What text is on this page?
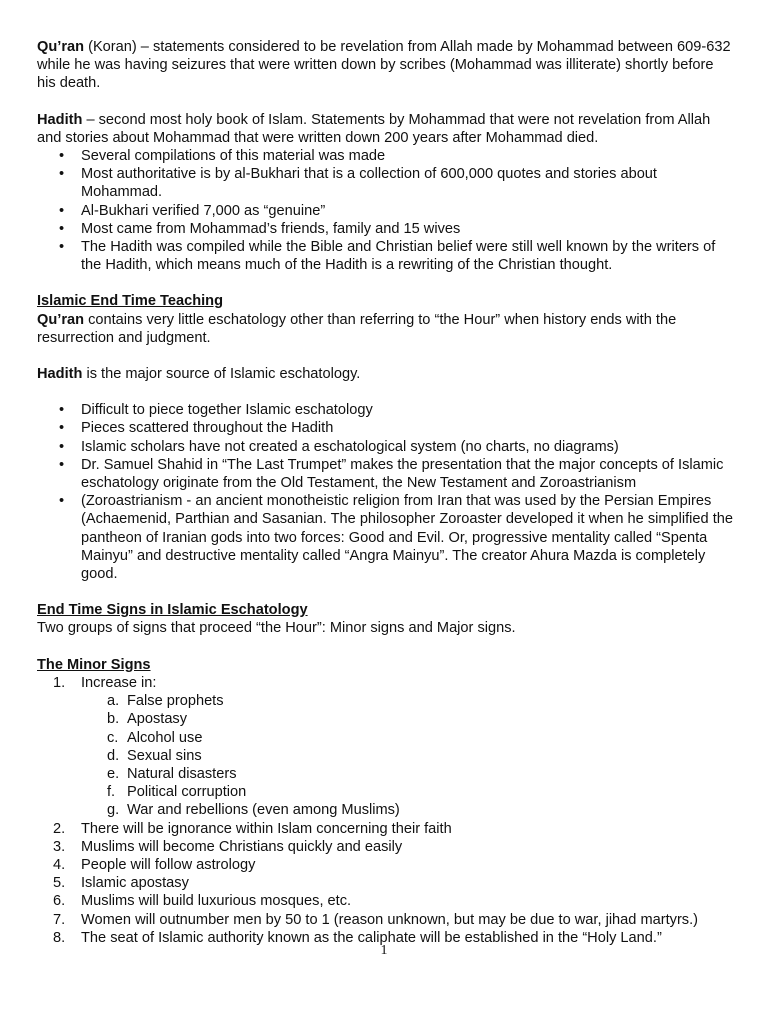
Qu’ran (Koran) – statements considered to be revelation from Allah made by Mohammad between 609-632 while he was having seizures that were written down by scribes (Mohammad was illiterate) shortly before his death.

Hadith – second most holy book of Islam. Statements by Mohammad that were not revelation from Allah and stories about Mohammad that were written down 200 years after Mohammad died.

• Several compilations of this material was made
• Most authoritative is by al-Bukhari that is a collection of 600,000 quotes and stories about Mohammad.
• Al-Bukhari verified 7,000 as “genuine”
• Most came from Mohammad’s friends, family and 15 wives
• The Hadith was compiled while the Bible and Christian belief were still well known by the writers of the Hadith, which means much of the Hadith is a rewriting of the Christian thought.

Islamic End Time Teaching

Qu’ran contains very little eschatology other than referring to “the Hour” when history ends with the resurrection and judgment.

Hadith is the major source of Islamic eschatology.

• Difficult to piece together Islamic eschatology
• Pieces scattered throughout the Hadith
• Islamic scholars have not created a eschatological system (no charts, no diagrams)
• Dr. Samuel Shahid in “The Last Trumpet” makes the presentation that the major concepts of Islamic eschatology originate from the Old Testament, the New Testament and Zoroastrianism
• (Zoroastrianism - an ancient monotheistic religion from Iran that was used by the Persian Empires (Achaemenid, Parthian and Sasanian. The philosopher Zoroaster developed it when he simplified the pantheon of Iranian gods into two forces: Good and Evil. Or, progressive mentality called “Spenta Mainyu” and destructive mentality called “Angra Mainyu”. The creator Ahura Mazda is completely good.

End Time Signs in Islamic Eschatology

Two groups of signs that proceed “the Hour”: Minor signs and Major signs.

The Minor Signs

1.	Increase in:
a. False prophets
b. Apostasy
c. Alcohol use
d. Sexual sins
e. Natural disasters
f. Political corruption
g. War and rebellions (even among Muslims)
2.	There will be ignorance within Islam concerning their faith
3.	Muslims will become Christians quickly and easily
4.	People will follow astrology
5.	Islamic apostasy
6.	Muslims will build luxurious mosques, etc.
7.	Women will outnumber men by 50 to 1 (reason unknown, but may be due to war, jihad martyrs.)
8.	The seat of Islamic authority known as the caliphate will be established in the “Holy Land.”
1
